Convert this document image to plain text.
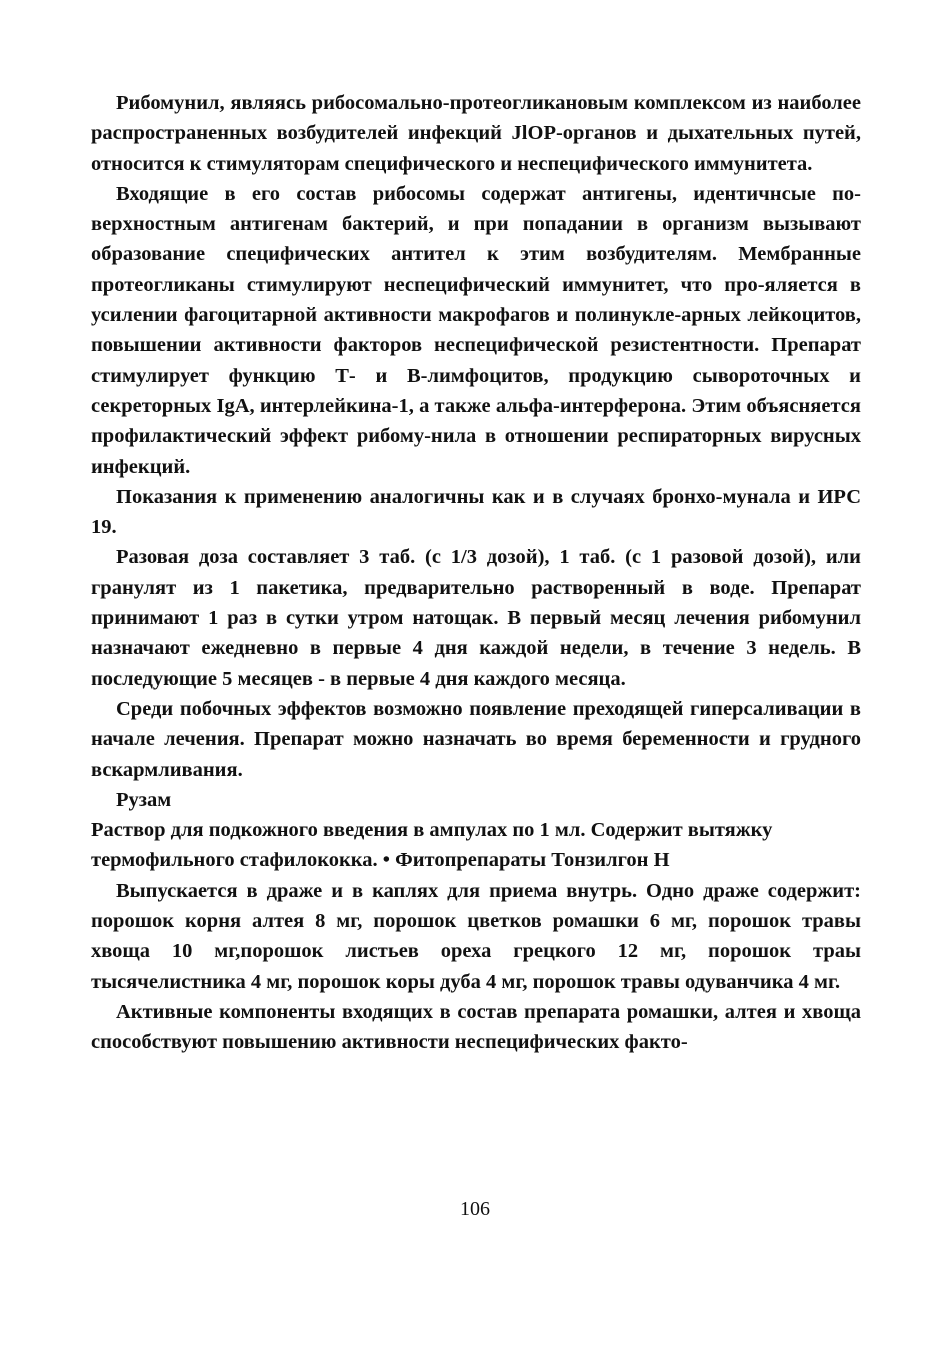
Рибомунил, являясь рибосомально-протеогликановым комплексом из наиболее распространенных возбудителей инфекций JlOP-органов и дыхательных путей, относится к стимуляторам специфического и неспецифического иммунитета.

Входящие в его состав рибосомы содержат антигены, идентичнсые поверхностным антигенам бактерий, и при попадании в организм вызывают образование специфических антител к этим возбудителям. Мембранные протеогликаны стимулируют неспецифический иммунитет, что про-яляется в усилении фагоцитарной активности макрофагов и полинукле-арных лейкоцитов, повышении активности факторов неспецифической резистентности. Препарат стимулирует функцию Т- и В-лимфоцитов, продукцию сывороточных и секреторных IgA, интерлейкина-1, а также альфа-интерферона. Этим объясняется профилактический эффект рибому-нила в отношении респираторных вирусных инфекций.

Показания к применению аналогичны как и в случаях бронхо-мунала и ИРС 19.

Разовая доза составляет 3 таб. (с 1/3 дозой), 1 таб. (с 1 разовой дозой), или гранулят из 1 пакетика, предварительно растворенный в воде. Препарат принимают 1 раз в сутки утром натощак. В первый месяц лечения рибомунил назначают ежедневно в первые 4 дня каждой недели, в течение 3 недель. В последующие 5 месяцев - в первые 4 дня каждого месяца.

Среди побочных эффектов возможно появление преходящей гиперсаливации в начале лечения. Препарат можно назначать во время беременности и грудного вскармливания.

Рузам

Раствор для подкожного введения в ампулах по 1 мл. Содержит вытяжку термофильного стафилококка. • Фитопрепараты Тонзилгон Н

Выпускается в драже и в каплях для приема внутрь. Одно драже содержит: порошок корня алтея 8 мг, порошок цветков ромашки 6 мг, порошок травы хвоща 10 мг,порошок листьев ореха грецкого 12 мг, порошок траы тысячелистника 4 мг, порошок коры дуба 4 мг, порошок травы одуванчика 4 мг.

Активные компоненты входящих в состав препарата ромашки, алтея и хвоща способствуют повышению активности неспецифических факто-

106
